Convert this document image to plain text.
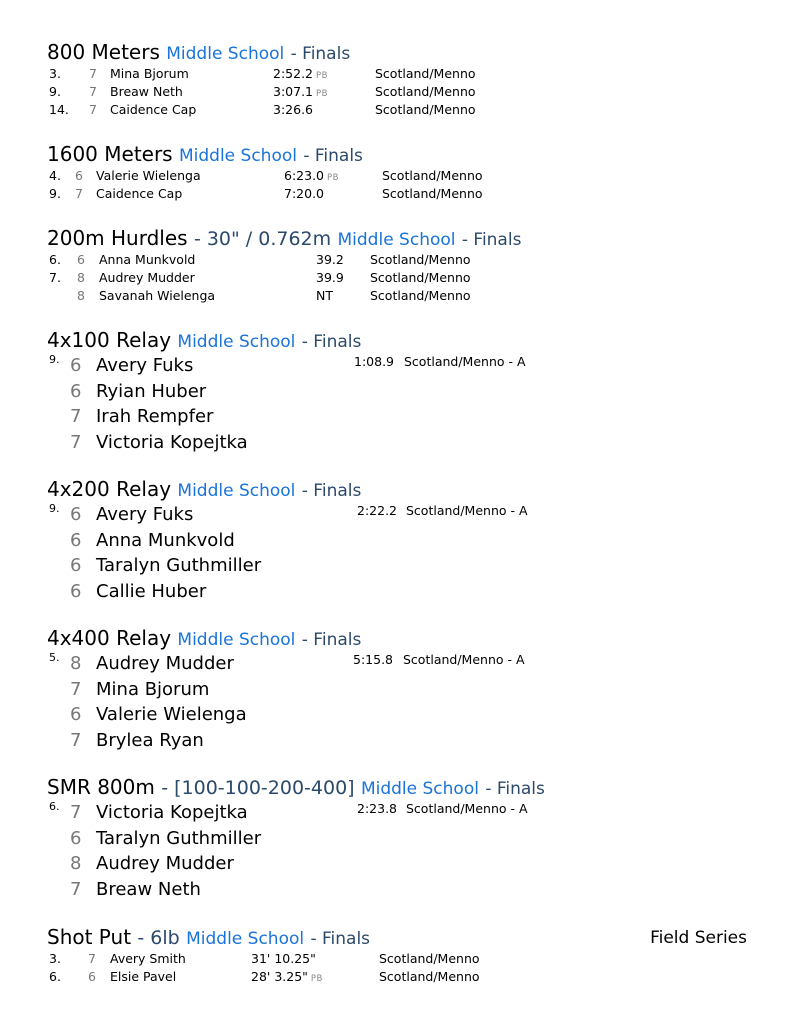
800 Meters Middle School - Finals
3. 7 Mina Bjorum	2:52.2 PB	Scotland/Menno
9. 7 Breaw Neth	3:07.1 PB	Scotland/Menno
14. 7 Caidence Cap	3:26.6	Scotland/Menno
1600 Meters Middle School - Finals
4. 6 Valerie Wielenga	6:23.0 PB	Scotland/Menno
9. 7 Caidence Cap	7:20.0	Scotland/Menno
200m Hurdles - 30" / 0.762m Middle School - Finals
6. 6 Anna Munkvold	39.2 Scotland/Menno
7. 8 Audrey Mudder	39.9 Scotland/Menno
8 Savanah Wielenga	NT	Scotland/Menno
4x100 Relay Middle School - Finals
9. 6 Avery Fuks	1:08.9 Scotland/Menno - A
6 Ryian Huber
7 Irah Rempfer
7 Victoria Kopejtka
4x200 Relay Middle School - Finals
9. 6 Avery Fuks	2:22.2 Scotland/Menno - A
6 Anna Munkvold
6 Taralyn Guthmiller
6 Callie Huber
4x400 Relay Middle School - Finals
5. 8 Audrey Mudder	5:15.8 Scotland/Menno - A
7 Mina Bjorum
6 Valerie Wielenga
7 Brylea Ryan
SMR 800m - [100-100-200-400] Middle School - Finals
6. 7 Victoria Kopejtka	2:23.8 Scotland/Menno - A
6 Taralyn Guthmiller
8 Audrey Mudder
7 Breaw Neth
Shot Put - 6lb Middle School - Finals
3. 7 Avery Smith	31' 10.25"	Scotland/Menno
6. 6 Elsie Pavel	28' 3.25" PB	Scotland/Menno
Field Series
